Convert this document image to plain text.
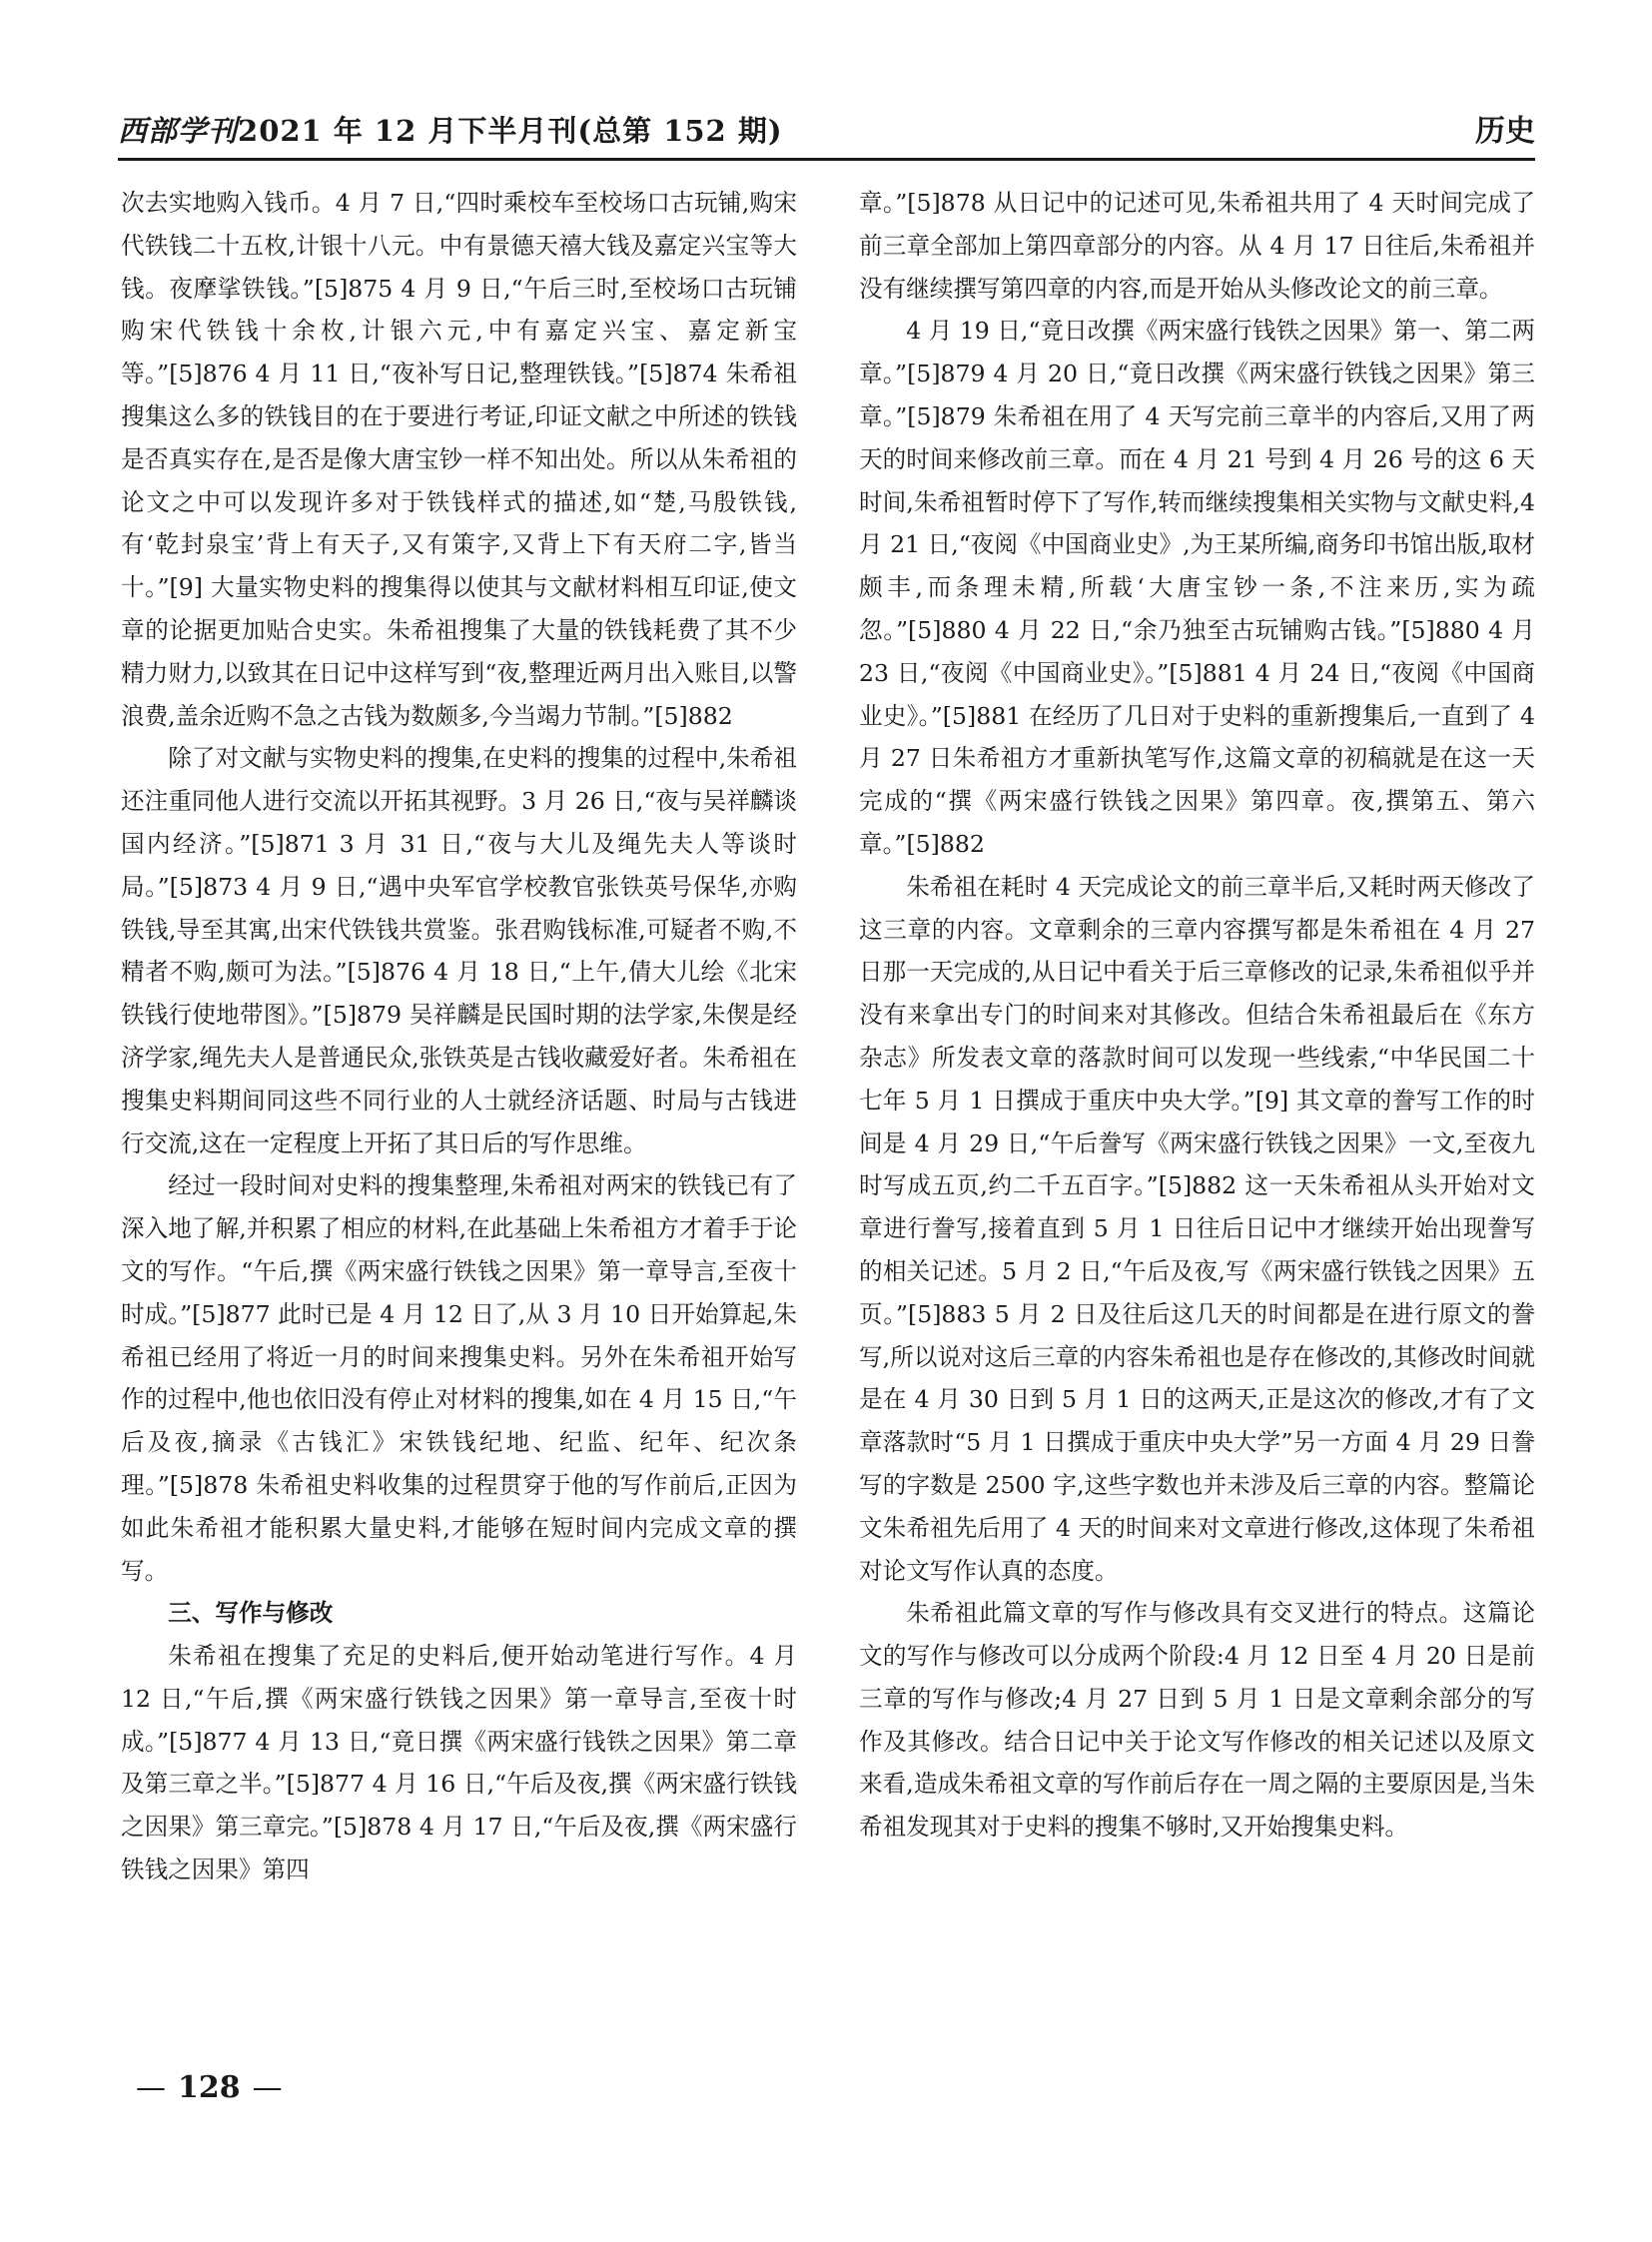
西部学刊2021 年 12 月下半月刊(总第 152 期)	历史

次去实地购入钱币。4 月 7 日,“四时乘校车至校场口古玩铺,购宋代铁钱二十五枚,计银十八元。中有景德天禧大钱及嘉定兴宝等大钱。夜摩挲铁钱。”[5]875 4 月 9 日,“午后三时,至校场口古玩铺购宋代铁钱十余枚,计银六元,中有嘉定兴宝、嘉定新宝等。”[5]876 4 月 11 日,“夜补写日记,整理铁钱。”[5]874 朱希祖搜集这么多的铁钱目的在于要进行考证,印证文献之中所述的铁钱是否真实存在,是否是像大唐宝钞一样不知出处。所以从朱希祖的论文之中可以发现许多对于铁钱样式的描述,如“楚,马殷铁钱,有‘乾封泉宝’背上有天子,又有策字,又背上下有天府二字,皆当十。”[9] 大量实物史料的搜集得以使其与文献材料相互印证,使文章的论据更加贴合史实。朱希祖搜集了大量的铁钱耗费了其不少精力财力,以致其在日记中这样写到“夜,整理近两月出入账目,以警浪费,盖余近购不急之古钱为数颇多,今当竭力节制。”[5]882

除了对文献与实物史料的搜集,在史料的搜集的过程中,朱希祖还注重同他人进行交流以开拓其视野。3 月 26 日,“夜与吴祥麟谈国内经济。”[5]871 3 月 31 日,“夜与大儿及绳先夫人等谈时局。”[5]873 4 月 9 日,“遇中央军官学校教官张铁英号保华,亦购铁钱,导至其寓,出宋代铁钱共赏鉴。张君购钱标准,可疑者不购,不精者不购,颇可为法。”[5]876 4 月 18 日,“上午,倩大儿绘《北宋铁钱行使地带图》。”[5]879 吴祥麟是民国时期的法学家,朱偰是经济学家,绳先夫人是普通民众,张铁英是古钱收藏爱好者。朱希祖在搜集史料期间同这些不同行业的人士就经济话题、时局与古钱进行交流,这在一定程度上开拓了其日后的写作思维。

经过一段时间对史料的搜集整理,朱希祖对两宋的铁钱已有了深入地了解,并积累了相应的材料,在此基础上朱希祖方才着手于论文的写作。“午后,撰《两宋盛行铁钱之因果》第一章导言,至夜十时成。”[5]877 此时已是 4 月 12 日了,从 3 月 10 日开始算起,朱希祖已经用了将近一月的时间来搜集史料。另外在朱希祖开始写作的过程中,他也依旧没有停止对材料的搜集,如在 4 月 15 日,“午后及夜,摘录《古钱汇》宋铁钱纪地、纪监、纪年、纪次条理。”[5]878 朱希祖史料收集的过程贯穿于他的写作前后,正因为如此朱希祖才能积累大量史料,才能够在短时间内完成文章的撰写。

三、写作与修改

朱希祖在搜集了充足的史料后,便开始动笔进行写作。4 月 12 日,“午后,撰《两宋盛行铁钱之因果》第一章导言,至夜十时成。”[5]877 4 月 13 日,“竟日撰《两宋盛行钱铁之因果》第二章及第三章之半。”[5]877 4 月 16 日,“午后及夜,撰《两宋盛行铁钱之因果》第三章完。”[5]878 4 月 17 日,“午后及夜,撰《两宋盛行铁钱之因果》第四

章。”[5]878 从日记中的记述可见,朱希祖共用了 4 天时间完成了前三章全部加上第四章部分的内容。从 4 月 17 日往后,朱希祖并没有继续撰写第四章的内容,而是开始从头修改论文的前三章。

4 月 19 日,“竟日改撰《两宋盛行钱铁之因果》第一、第二两章。”[5]879 4 月 20 日,“竟日改撰《两宋盛行铁钱之因果》第三章。”[5]879 朱希祖在用了 4 天写完前三章半的内容后,又用了两天的时间来修改前三章。而在 4 月 21 号到 4 月 26 号的这 6 天时间,朱希祖暂时停下了写作,转而继续搜集相关实物与文献史料,4 月 21 日,“夜阅《中国商业史》,为王某所编,商务印书馆出版,取材颇丰,而条理未精,所载‘大唐宝钞一条,不注来历,实为疏忽。”[5]880 4 月 22 日,“余乃独至古玩铺购古钱。”[5]880 4 月 23 日,“夜阅《中国商业史》。”[5]881 4 月 24 日,“夜阅《中国商业史》。”[5]881 在经历了几日对于史料的重新搜集后,一直到了 4 月 27 日朱希祖方才重新执笔写作,这篇文章的初稿就是在这一天完成的“撰《两宋盛行铁钱之因果》第四章。夜,撰第五、第六章。”[5]882

朱希祖在耗时 4 天完成论文的前三章半后,又耗时两天修改了这三章的内容。文章剩余的三章内容撰写都是朱希祖在 4 月 27 日那一天完成的,从日记中看关于后三章修改的记录,朱希祖似乎并没有来拿出专门的时间来对其修改。但结合朱希祖最后在《东方杂志》所发表文章的落款时间可以发现一些线索,“中华民国二十七年 5 月 1 日撰成于重庆中央大学。”[9] 其文章的誊写工作的时间是 4 月 29 日,“午后誊写《两宋盛行铁钱之因果》一文,至夜九时写成五页,约二千五百字。”[5]882 这一天朱希祖从头开始对文章进行誊写,接着直到 5 月 1 日往后日记中才继续开始出现誊写的相关记述。5 月 2 日,“午后及夜,写《两宋盛行铁钱之因果》五页。”[5]883 5 月 2 日及往后这几天的时间都是在进行原文的誊写,所以说对这后三章的内容朱希祖也是存在修改的,其修改时间就是在 4 月 30 日到 5 月 1 日的这两天,正是这次的修改,才有了文章落款时“5 月 1 日撰成于重庆中央大学”另一方面 4 月 29 日誊写的字数是 2500 字,这些字数也并未涉及后三章的内容。整篇论文朱希祖先后用了 4 天的时间来对文章进行修改,这体现了朱希祖对论文写作认真的态度。

朱希祖此篇文章的写作与修改具有交叉进行的特点。这篇论文的写作与修改可以分成两个阶段:4 月 12 日至 4 月 20 日是前三章的写作与修改;4 月 27 日到 5 月 1 日是文章剩余部分的写作及其修改。结合日记中关于论文写作修改的相关记述以及原文来看,造成朱希祖文章的写作前后存在一周之隔的主要原因是,当朱希祖发现其对于史料的搜集不够时,又开始搜集史料。

— 128 —
